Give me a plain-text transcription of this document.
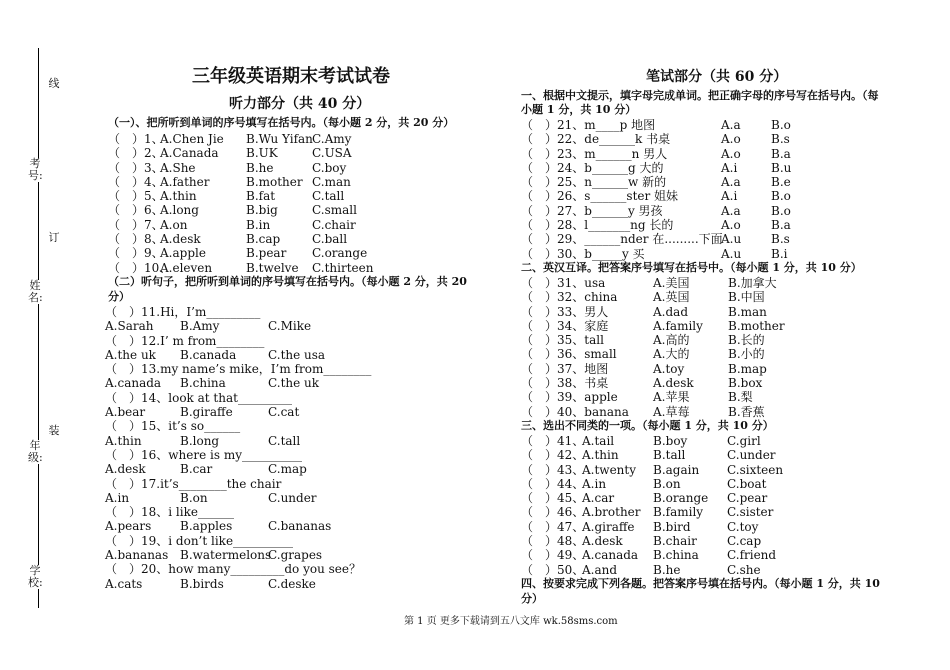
学 校:
年 级:
姓 名:
考 号:
装
订
线	三年级英语期末考试试卷
听力部分（共 40 分）
（一）、把所听到单词的序号填写在括号内。（每小题 2 分，共 20 分）
（　）1、A.Chen Jie B.Wu YifanC.Amy
（　）2、A.Canada B.UK	C.USA
（　）3、A.She	B.he	C.boy
（　）4、A.father	B.mother C.man
（　）5、A.thin	B.fat	C.tall
（　）6、A.long	B.big	C.small
（　）7、A.on	B.in	C.chair
（　）8、A.desk	B.cap	C.ball
（　）9、A.apple	B.pear C.orange
（　）10、A.eleven	B.twelve C.thirteen
（二）听句子，把所听到单词的序号填写在括号内。（每小题 2 分，共 20
分）
（　）11.Hi，I’m_________
A.Sarah B.Amy	C.Mike
（　）12.I’ m from________
A.the uk B.canada	C.the usa
（　）13.my name’s mike，I’m from________
A.canada B.china	C.the uk
（　）14、look at that_________
A.bear	B.giraffe	C.cat
（　）15、it’s so______
A.thin	B.long	C.tall
（　）16、where is my__________
A.desk	B.car	C.map
（　）17.it’s________the chair
A.in	B.on	C.under
（　）18、i like______
A.pears B.apples	C.bananas
（　）19、i don’t like__________
A.bananas B.watermelonsC.grapes
（　）20、how many_________do you see？
A.cats	B.birds	C.deske
笔试部分（共 60 分）
一、根据中文提示，填字母完成单词。把正确字母的序号写在括号内。（每
小题 1 分，共 10 分）
（　）21、m____p 地图	A.a	B.o
（　）22、de______k 书桌	A.o	B.s
（　）23、m______n 男人	A.o	B.a
（　）24、b______g 大的	A.i	B.u
（　）25、n______w 新的	A.a	B.e
（　）26、s______ster 姐妹	A.i	B.o
（　）27、b______y 男孩	A.a	B.o
（　）28、l_______ng 长的	A.o	B.a
（　）29、______nder 在.........下面A.u B.s
（　）30、b_____y 买	A.u B.i
二、英汉互译。把答案序号填写在括号中。（每小题 1 分，共 10 分）
（　）31、usa	A.美国	B.加拿大
（　）32、china	A.英国	B.中国
（　）33、男人	A.dad	B.man
（　）34、家庭	A.family B.mother
（　）35、tall	A.高的	B.长的
（　）36、small	A.大的	B.小的
（　）37、地图	A.toy	B.map
（　）38、书桌	A.desk	B.box
（　）39、apple	A.苹果	B.梨
（　）40、banana A.草莓	B.香蕉
三、选出不同类的一项。（每小题 1 分，共 10 分）
（　）41、A.tail	B.boy	C.girl
（　）42、A.thin	B.tall	C.under
（　）43、A.twenty B.again C.sixteen
（　）44、A.in	B.on	C.boat
（　）45、A.car	B.orange C.pear
（　）46、A.brother B.family C.sister
（　）47、A.giraffe B.bird	C.toy
（　）48、A.desk	B.chair	C.cap
（　）49、A.canada B.china C.friend
（　）50、A.and	B.he	C.she
四、按要求完成下列各题。把答案序号填在括号内。（每小题 1 分，共 10
分）
第 1 页 更多下载请到五八文库 wk.58sms.com
